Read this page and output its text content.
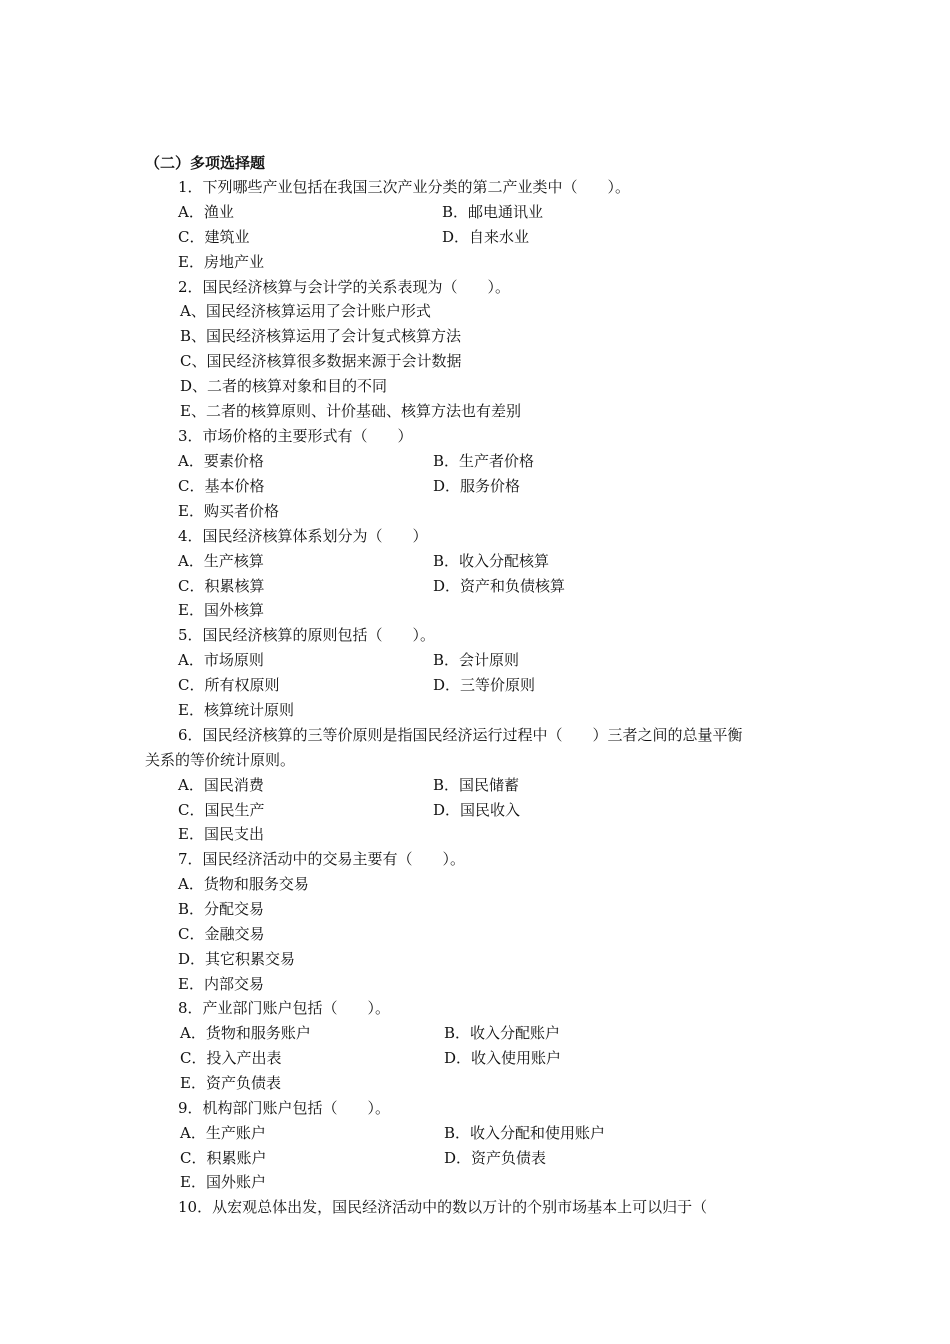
（二）多项选择题
1．下列哪些产业包括在我国三次产业分类的第二产业类中（　　）。
A．渔业	B．邮电通讯业
C．建筑业	D．自来水业
E．房地产业
2．国民经济核算与会计学的关系表现为（　　）。
A、国民经济核算运用了会计账户形式
B、国民经济核算运用了会计复式核算方法
C、国民经济核算很多数据来源于会计数据
D、二者的核算对象和目的不同
E、二者的核算原则、计价基础、核算方法也有差别
3．市场价格的主要形式有（　　）
A．要素价格	B．生产者价格
C．基本价格	D．服务价格
E．购买者价格
4．国民经济核算体系划分为（　　）
A．生产核算	B．收入分配核算
C．积累核算	D．资产和负债核算
E．国外核算
5．国民经济核算的原则包括（　　）。
A．市场原则	B．会计原则
C．所有权原则	D．三等价原则
E．核算统计原则
6．国民经济核算的三等价原则是指国民经济运行过程中（　　）三者之间的总量平衡
关系的等价统计原则。
A．国民消费	B．国民储蓄
C．国民生产	D．国民收入
E．国民支出
7．国民经济活动中的交易主要有（　　）。
A．货物和服务交易
B．分配交易
C．金融交易
D．其它积累交易
E．内部交易
8．产业部门账户包括（　　）。
A．货物和服务账户	B．收入分配账户
C．投入产出表	D．收入使用账户
E．资产负债表
9．机构部门账户包括（　　）。
A．生产账户	B．收入分配和使用账户
C．积累账户	D．资产负债表
E．国外账户
10．从宏观总体出发，国民经济活动中的数以万计的个别市场基本上可以归于（
